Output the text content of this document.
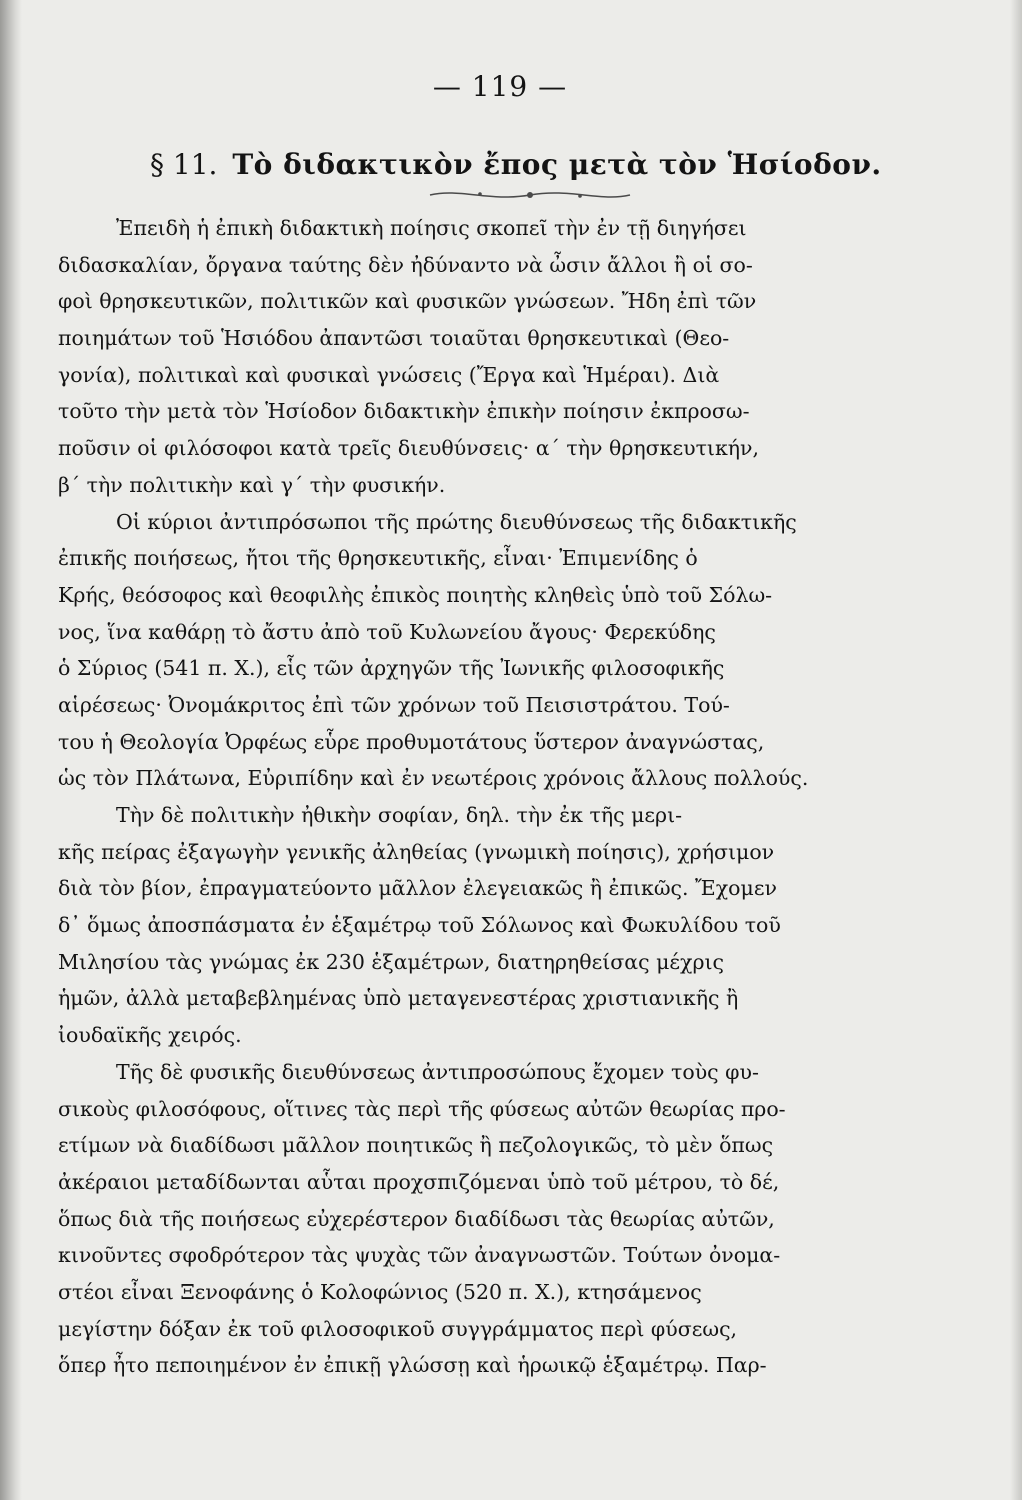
— 119 —
§ 11. Τὸ διδακτικὸν ἔπος μετὰ τὸν Ἡσίοδον.
Ἐπειδὴ ἡ ἐπικὴ διδακτικὴ ποίησις σκοπεῖ τὴν ἐν τῇ διηγήσει
διδασκαλίαν, ὄργανα ταύτης δὲν ἠδύναντο νὰ ὦσιν ἄλλοι ἢ οἱ σο-
φοὶ θρησκευτικῶν, πολιτικῶν καὶ φυσικῶν γνώσεων. Ἤδη ἐπὶ τῶν
ποιημάτων τοῦ Ἡσιόδου ἀπαντῶσι τοιαῦται θρησκευτικαὶ (Θεο-
γονία), πολιτικαὶ καὶ φυσικαὶ γνώσεις (Ἔργα καὶ Ἡμέραι). Διὰ
τοῦτο τὴν μετὰ τὸν Ἡσίοδον διδακτικὴν ἐπικὴν ποίησιν ἐκπροσω-
ποῦσιν οἱ φιλόσοφοι κατὰ τρεῖς διευθύνσεις· α΄ τὴν θρησκευτικήν,
β΄ τὴν πολιτικὴν καὶ γ΄ τὴν φυσικήν.
Οἱ κύριοι ἀντιπρόσωποι τῆς πρώτης διευθύνσεως τῆς διδακτικῆς
ἐπικῆς ποιήσεως, ἤτοι τῆς θρησκευτικῆς, εἶναι· Ἐπιμενίδης ὁ
Κρής, θεόσοφος καὶ θεοφιλὴς ἐπικὸς ποιητὴς κληθεὶς ὑπὸ τοῦ Σόλω-
νος, ἵνα καθάρῃ τὸ ἄστυ ἀπὸ τοῦ Κυλωνείου ἄγους· Φερεκύδης
ὁ Σύριος (541 π. Χ.), εἷς τῶν ἀρχηγῶν τῆς Ἰωνικῆς φιλοσοφικῆς
αἱρέσεως· Ὀνομάκριτος ἐπὶ τῶν χρόνων τοῦ Πεισιστράτου. Τού-
του ἡ Θεολογία Ὀρφέως εὗρε προθυμοτάτους ὕστερον ἀναγνώστας,
ὡς τὸν Πλάτωνα, Εὐριπίδην καὶ ἐν νεωτέροις χρόνοις ἄλλους πολλούς.
Τὴν δὲ πολιτικὴν ἠθικὴν σοφίαν, δηλ. τὴν ἐκ τῆς μερι-
κῆς πείρας ἐξαγωγὴν γενικῆς ἀληθείας (γνωμικὴ ποίησις), χρήσιμον
διὰ τὸν βίον, ἐπραγματεύοντο μᾶλλον ἐλεγειακῶς ἢ ἐπικῶς. Ἔχομεν
δ᾽ ὅμως ἀποσπάσματα ἐν ἑξαμέτρῳ τοῦ Σόλωνος καὶ Φωκυλίδου τοῦ
Μιλησίου τὰς γνώμας ἐκ 230 ἑξαμέτρων, διατηρηθείσας μέχρις
ἡμῶν, ἀλλὰ μεταβεβλημένας ὑπὸ μεταγενεστέρας χριστιανικῆς ἢ
ἰουδαϊκῆς χειρός.
Τῆς δὲ φυσικῆς διευθύνσεως ἀντιπροσώπους ἔχομεν τοὺς φυ-
σικοὺς φιλοσόφους, οἵτινες τὰς περὶ τῆς φύσεως αὐτῶν θεωρίας προ-
ετίμων νὰ διαδίδωσι μᾶλλον ποιητικῶς ἢ πεζολογικῶς, τὸ μὲν ὅπως
ἀκέραιοι μεταδίδωνται αὗται προχσπιζόμεναι ὑπὸ τοῦ μέτρου, τὸ δέ,
ὅπως διὰ τῆς ποιήσεως εὐχερέστερον διαδίδωσι τὰς θεωρίας αὐτῶν,
κινοῦντες σφοδρότερον τὰς ψυχὰς τῶν ἀναγνωστῶν. Τούτων ὀνομα-
στέοι εἶναι Ξενοφάνης ὁ Κολοφώνιος (520 π. Χ.), κτησάμενος
μεγίστην δόξαν ἐκ τοῦ φιλοσοφικοῦ συγγράμματος περὶ φύσεως,
ὅπερ ἦτο πεποιημένον ἐν ἐπικῇ γλώσσῃ καὶ ἡρωικῷ ἑξαμέτρῳ. Παρ-
